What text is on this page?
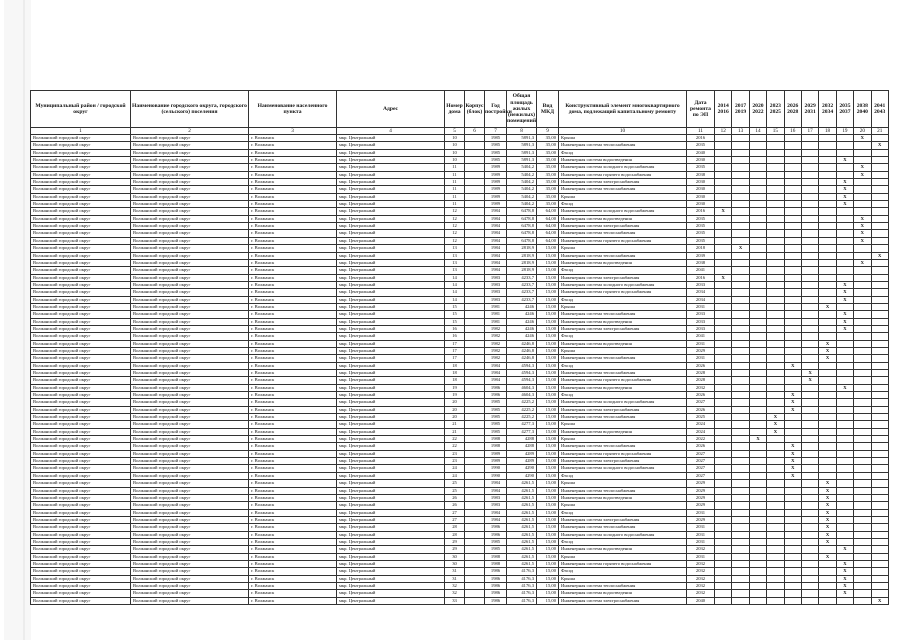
Муниципальный район / городской округ	Наименование городского округа, городского (сельского) поселения	Наименование населенного пункта	Адрес	Номер дома	Корпус (блок)	Год постройки	Общая площадь жилых (нежилых) помещений	Вид МКД	Конструктивный элемент многоквартирного дома, подлежащий капитальному ремонту	Дата ремонта по ЭП	2014 2016	2017 2019	2020 2022	2023 2025	2026 2028	2029 2031	2032 2034	2035 2037	2038 2040	2041 2043
1	2	3	4	5	6	7	8	9	10	11	12	13	14	15	16	17	18	19	20	21
Волжанский городской округ	Волжанский городской округ	г. Волжанск	мкр. Центральный	10		1985	5891,3	35,00	Крыша	2016									X	
Волжанский городской округ	Волжанский городской округ	г. Волжанск	мкр. Центральный	10		1985	5891,3	35,00	Инженерная система теплоснабжения	2035										X
Волжанский городской округ	Волжанский городской округ	г. Волжанск	мкр. Центральный	10		1985	5891,3	35,00	Фасад	2040										
Волжанский городской округ	Волжанский городской округ	г. Волжанск	мкр. Центральный	10		1985	5891,3	35,00	Инженерная система водоотведения	2030								X		
Волжанский городской округ	Волжанский городской округ	г. Волжанск	мкр. Центральный	11		1989	5404,2	35,00	Инженерная система холодного водоснабжения	2035									X	
Волжанский городской округ	Волжанский городской округ	г. Волжанск	мкр. Центральный	11		1989	5404,2	35,00	Инженерная система горячего водоснабжения	2038									X	
Волжанский городской округ	Волжанский городской округ	г. Волжанск	мкр. Центральный	11		1989	5404,2	35,00	Инженерная система электроснабжения	2030								X		
Волжанский городской округ	Волжанский городской округ	г. Волжанск	мкр. Центральный	11		1989	5404,2	35,00	Инженерная система теплоснабжения	2030								X		
Волжанский городской округ	Волжанский городской округ	г. Волжанск	мкр. Центральный	11		1989	5404,2	35,00	Крыша	2030								X		
Волжанский городской округ	Волжанский городской округ	г. Волжанск	мкр. Центральный	11		1989	5404,2	35,00	Фасад	2030								X		
Волжанский городской округ	Волжанский городской округ	г. Волжанск	мкр. Центральный	12		1984	6478,8	64,00	Инженерная система холодного водоснабжения	2016	X									
Волжанский городской округ	Волжанский городской округ	г. Волжанск	мкр. Центральный	12		1984	6478,8	64,00	Инженерная система водоотведения	2035									X	
Волжанский городской округ	Волжанский городской округ	г. Волжанск	мкр. Центральный	12		1984	6478,8	64,00	Инженерная система электроснабжения	2035									X	
Волжанский городской округ	Волжанский городской округ	г. Волжанск	мкр. Центральный	12		1984	6478,8	64,00	Инженерная система теплоснабжения	2035									X	
Волжанский городской округ	Волжанский городской округ	г. Волжанск	мкр. Центральный	12		1984	6478,8	64,00	Инженерная система горячего водоснабжения	2035									X	
Волжанский городской округ	Волжанский городской округ	г. Волжанск	мкр. Центральный	13		1984	2818,9	15,00	Крыша	2018		X								
Волжанский городской округ	Волжанский городской округ	г. Волжанск	мкр. Центральный	13		1984	2818,9	15,00	Инженерная система теплоснабжения	2039										X
Волжанский городской округ	Волжанский городской округ	г. Волжанск	мкр. Центральный	13		1984	2818,9	15,00	Инженерная система водоотведения	2038									X	
Волжанский городской округ	Волжанский городской округ	г. Волжанск	мкр. Центральный	13		1984	2818,9	15,00	Фасад	2041										
Волжанский городской округ	Волжанский городской округ	г. Волжанск	мкр. Центральный	14		1983	4233,7	15,00	Инженерная система электроснабжения	2016	X									
Волжанский городской округ	Волжанский городской округ	г. Волжанск	мкр. Центральный	14		1983	4233,7	15,00	Инженерная система холодного водоснабжения	2033								X		
Волжанский городской округ	Волжанский городской округ	г. Волжанск	мкр. Центральный	14		1983	4233,7	15,00	Инженерная система горячего водоснабжения	2034								X		
Волжанский городской округ	Волжанский городской округ	г. Волжанск	мкр. Центральный	14		1983	4233,7	15,00	Фасад	2034								X		
Волжанский городской округ	Волжанский городской округ	г. Волжанск	мкр. Центральный	15		1981	4246	15,00	Крыша	2031							X			
Волжанский городской округ	Волжанский городской округ	г. Волжанск	мкр. Центральный	15		1981	4246	15,00	Инженерная система теплоснабжения	2033								X		
Волжанский городской округ	Волжанский городской округ	г. Волжанск	мкр. Центральный	15		1981	4246	15,00	Инженерная система водоотведения	2033								X		
Волжанский городской округ	Волжанский городской округ	г. Волжанск	мкр. Центральный	16		1982	4246	15,00	Инженерная система электроснабжения	2033								X		
Волжанский городской округ	Волжанский городской округ	г. Волжанск	мкр. Центральный	16		1982	4246	15,00	Фасад	2041										
Волжанский городской округ	Волжанский городской округ	г. Волжанск	мкр. Центральный	17		1982	4246,8	15,00	Инженерная система водоотведения	2031							X			
Волжанский городской округ	Волжанский городской округ	г. Волжанск	мкр. Центральный	17		1982	4246,8	15,00	Крыша	2029							X			
Волжанский городской округ	Волжанский городской округ	г. Волжанск	мкр. Центральный	17		1982	4246,8	15,00	Инженерная система теплоснабжения	2031							X			
Волжанский городской округ	Волжанский городской округ	г. Волжанск	мкр. Центральный	18		1984	4594,3	15,00	Фасад	2026					X					
Волжанский городской округ	Волжанский городской округ	г. Волжанск	мкр. Центральный	18		1984	4594,3	15,00	Инженерная система теплоснабжения	2028						X				
Волжанский городской округ	Волжанский городской округ	г. Волжанск	мкр. Центральный	18		1984	4594,3	15,00	Инженерная система горячего водоснабжения	2028						X				
Волжанский городской округ	Волжанский городской округ	г. Волжанск	мкр. Центральный	19		1986	4604,3	15,00	Инженерная система водоотведения	2032								X		
Волжанский городской округ	Волжанский городской округ	г. Волжанск	мкр. Центральный	19		1986	4604,3	15,00	Фасад	2026					X					
Волжанский городской округ	Волжанский городской округ	г. Волжанск	мкр. Центральный	20		1985	4225,2	15,00	Инженерная система холодного водоснабжения	2027					X					
Волжанский городской округ	Волжанский городской округ	г. Волжанск	мкр. Центральный	20		1985	4225,2	15,00	Инженерная система электроснабжения	2026					X					
Волжанский городской округ	Волжанский городской округ	г. Волжанск	мкр. Центральный	20		1985	4225,2	15,00	Инженерная система теплоснабжения	2025				X						
Волжанский городской округ	Волжанский городской округ	г. Волжанск	мкр. Центральный	21		1985	4277,3	15,00	Крыша	2024				X						
Волжанский городской округ	Волжанский городской округ	г. Волжанск	мкр. Центральный	21		1985	4277,3	15,00	Инженерная система водоотведения	2024				X						
Волжанский городской округ	Волжанский городской округ	г. Волжанск	мкр. Центральный	22		1988	4288	15,00	Крыша	2022			X							
Волжанский городской округ	Волжанский городской округ	г. Волжанск	мкр. Центральный	22		1988	4288	15,00	Инженерная система теплоснабжения	2026					X					
Волжанский городской округ	Волжанский городской округ	г. Волжанск	мкр. Центральный	23		1989	4289	15,00	Инженерная система горячего водоснабжения	2027					X					
Волжанский городской округ	Волжанский городской округ	г. Волжанск	мкр. Центральный	23		1989	4289	15,00	Инженерная система электроснабжения	2027					X					
Волжанский городской округ	Волжанский городской округ	г. Волжанск	мкр. Центральный	24		1990	4290	15,00	Инженерная система холодного водоснабжения	2027					X					
Волжанский городской округ	Волжанский городской округ	г. Волжанск	мкр. Центральный	24		1990	4290	15,00	Фасад	2027					X					
Волжанский городской округ	Волжанский городской округ	г. Волжанск	мкр. Центральный	25		1984	4261,5	15,00	Крыша	2029							X			
Волжанский городской округ	Волжанский городской округ	г. Волжанск	мкр. Центральный	25		1984	4261,5	15,00	Инженерная система теплоснабжения	2029							X			
Волжанский городской округ	Волжанский городской округ	г. Волжанск	мкр. Центральный	26		1983	4261,5	15,00	Инженерная система водоотведения	2029							X			
Волжанский городской округ	Волжанский городской округ	г. Волжанск	мкр. Центральный	26		1983	4261,5	15,00	Крыша	2029							X			
Волжанский городской округ	Волжанский городской округ	г. Волжанск	мкр. Центральный	27		1984	4261,5	15,00	Фасад	2031							X			
Волжанский городской округ	Волжанский городской округ	г. Волжанск	мкр. Центральный	27		1984	4261,5	15,00	Инженерная система электроснабжения	2029							X			
Волжанский городской округ	Волжанский городской округ	г. Волжанск	мкр. Центральный	28		1986	4261,5	15,00	Инженерная система теплоснабжения	2031							X			
Волжанский городской округ	Волжанский городской округ	г. Волжанск	мкр. Центральный	28		1986	4261,5	15,00	Инженерная система холодного водоснабжения	2031							X			
Волжанский городской округ	Волжанский городской округ	г. Волжанск	мкр. Центральный	29		1985	4261,5	15,00	Фасад	2031							X			
Волжанский городской округ	Волжанский городской округ	г. Волжанск	мкр. Центральный	29		1985	4261,5	15,00	Инженерная система водоотведения	2032								X		
Волжанский городской округ	Волжанский городской округ	г. Волжанск	мкр. Центральный	30		1988	4261,5	15,00	Крыша	2031							X			
Волжанский городской округ	Волжанский городской округ	г. Волжанск	мкр. Центральный	30		1988	4261,5	15,00	Инженерная система горячего водоснабжения	2032								X		
Волжанский городской округ	Волжанский городской округ	г. Волжанск	мкр. Центральный	31		1986	4176,3	15,00	Фасад	2032								X		
Волжанский городской округ	Волжанский городской округ	г. Волжанск	мкр. Центральный	31		1986	4176,3	15,00	Крыша	2032								X		
Волжанский городской округ	Волжанский городской округ	г. Волжанск	мкр. Центральный	32		1986	4176,3	15,00	Инженерная система теплоснабжения	2032								X		
Волжанский городской округ	Волжанский городской округ	г. Волжанск	мкр. Центральный	32		1986	4176,3	15,00	Инженерная система водоотведения	2032								X		
Волжанский городской округ	Волжанский городской округ	г. Волжанск	мкр. Центральный	33		1986	4176,3	15,00	Инженерная система электроснабжения	2040										X
